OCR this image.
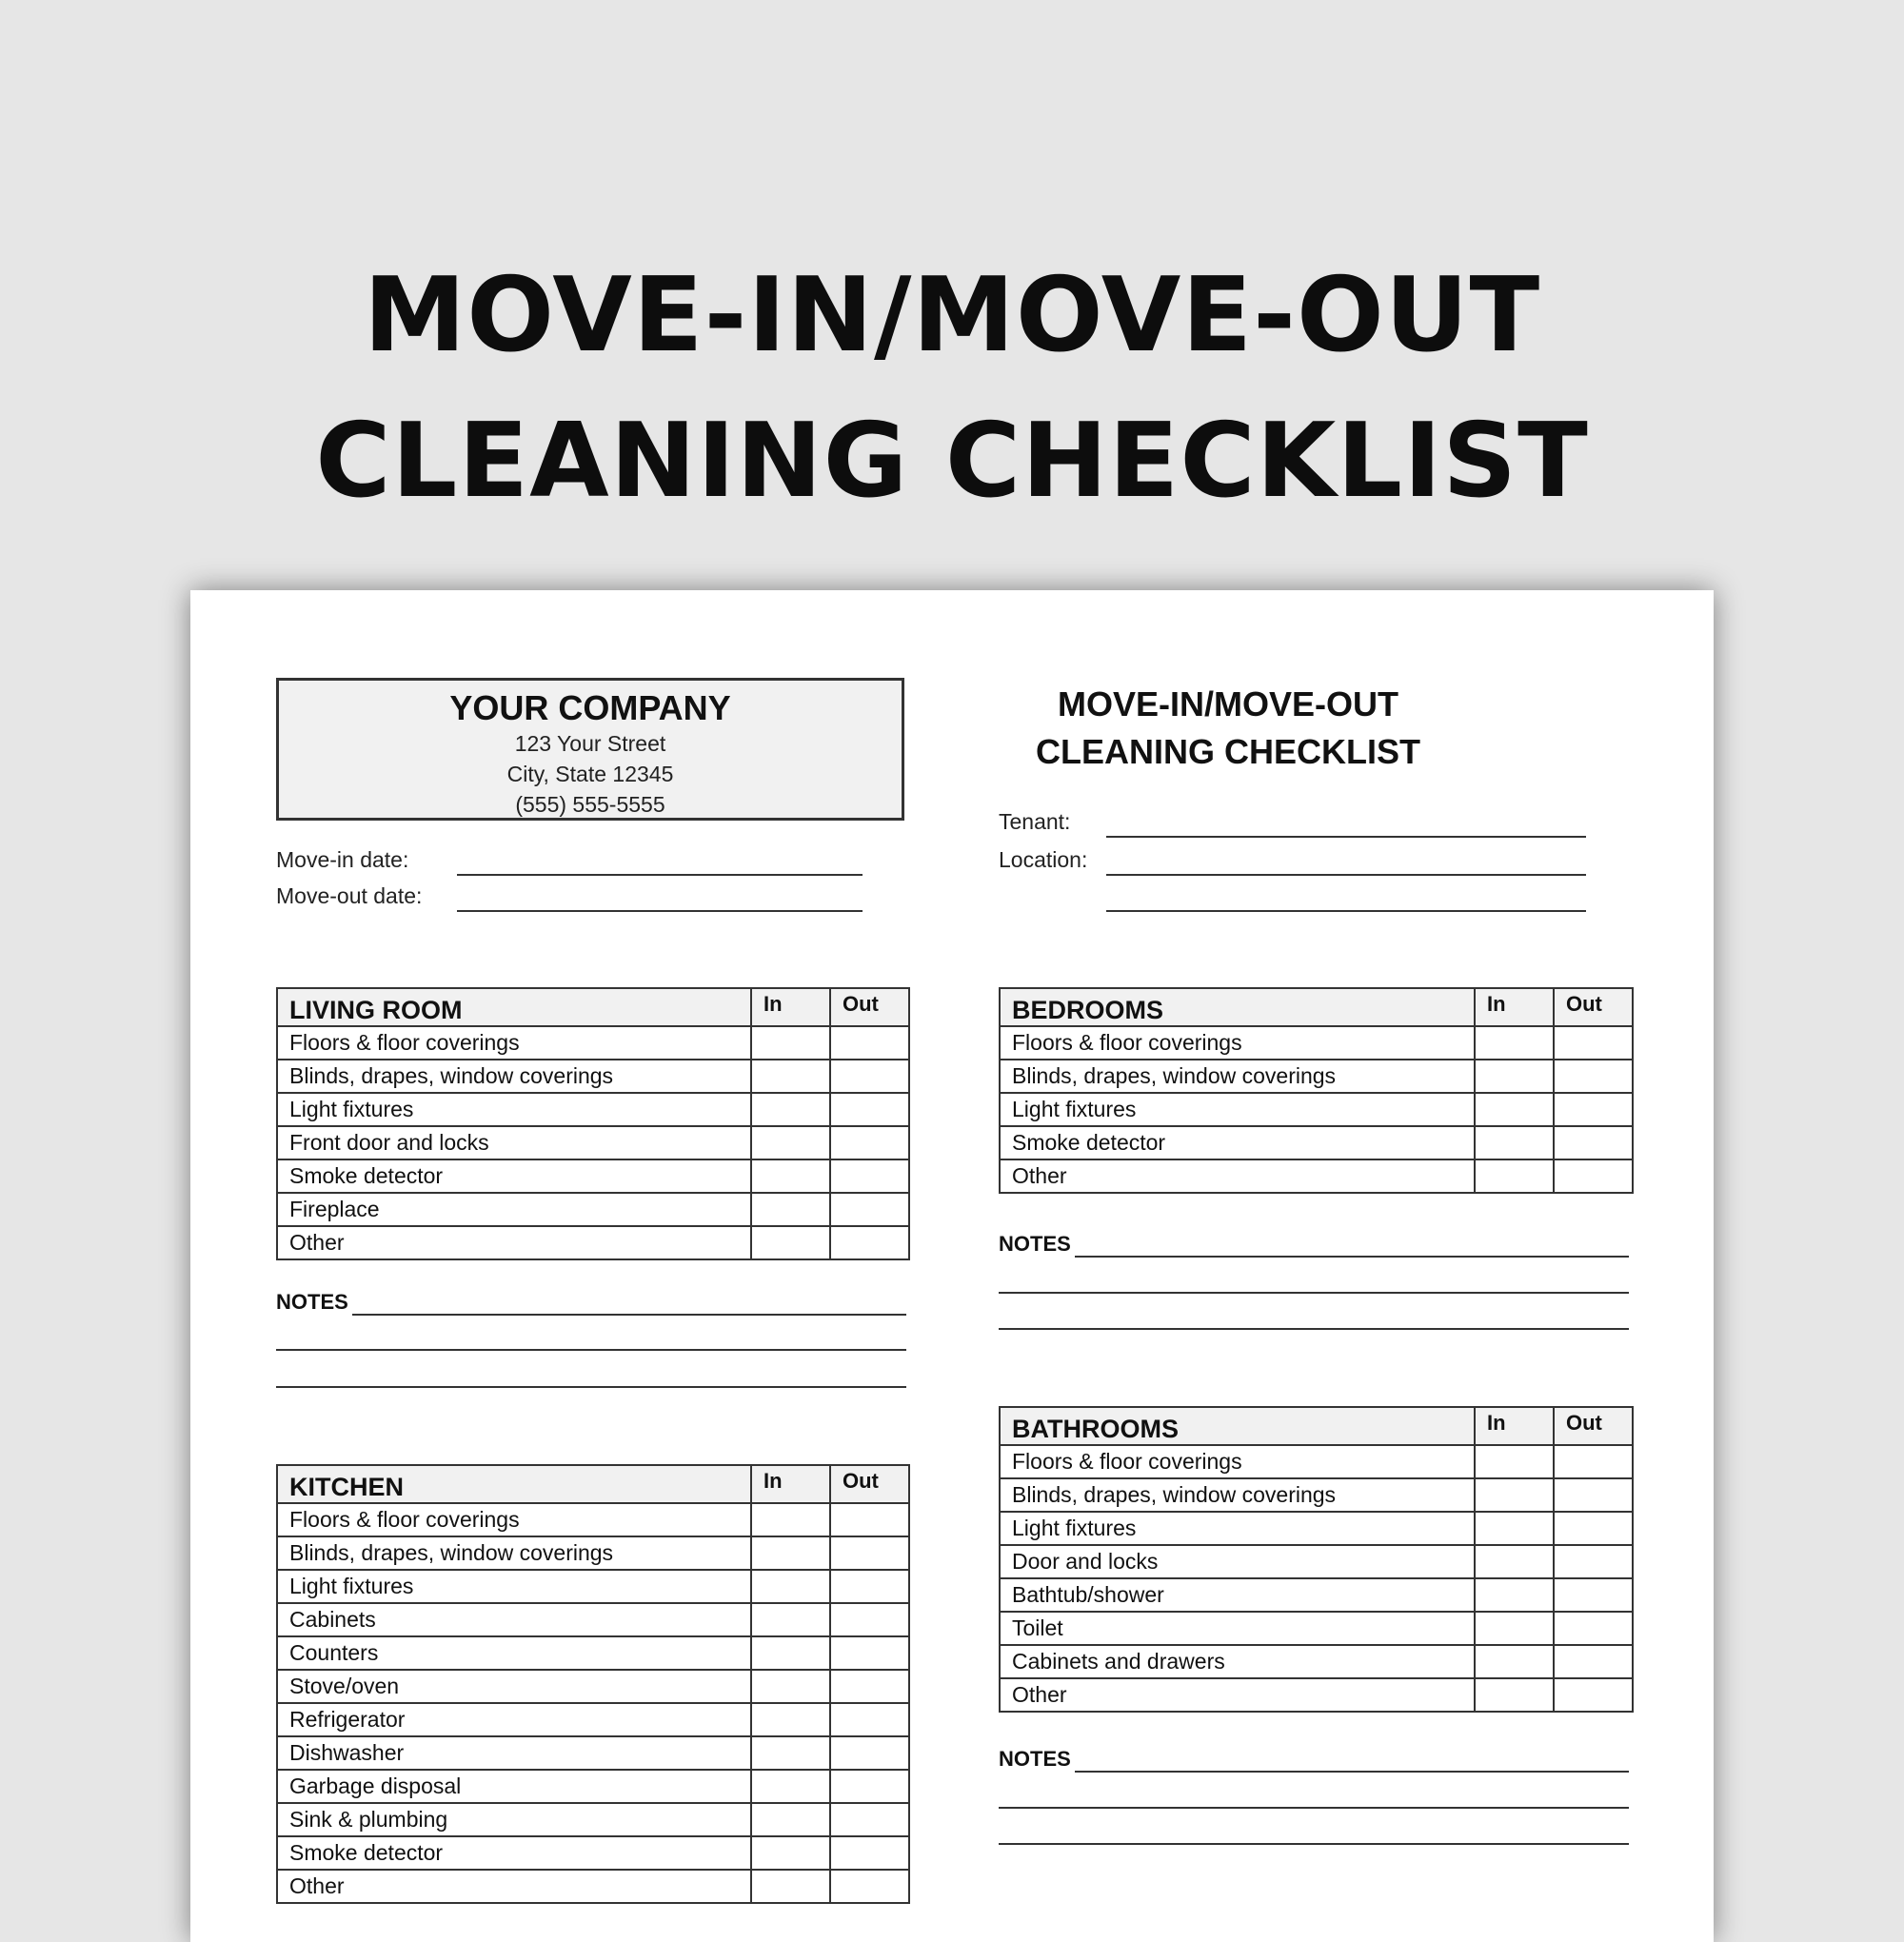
MOVE-IN/MOVE-OUT
CLEANING CHECKLIST
YOUR COMPANY
123 Your Street
City, State 12345
(555) 555-5555
MOVE-IN/MOVE-OUT
CLEANING CHECKLIST
Move-in date:
Move-out date:
Tenant:
Location:
LIVING ROOM	In	Out
Floors & floor coverings		
Blinds, drapes, window coverings		
Light fixtures		
Front door and locks		
Smoke detector		
Fireplace		
Other		
NOTES
KITCHEN	In	Out
Floors & floor coverings		
Blinds, drapes, window coverings		
Light fixtures		
Cabinets		
Counters		
Stove/oven		
Refrigerator		
Dishwasher		
Garbage disposal		
Sink & plumbing		
Smoke detector		
Other		
BEDROOMS	In	Out
Floors & floor coverings		
Blinds, drapes, window coverings		
Light fixtures		
Smoke detector		
Other		
NOTES
BATHROOMS	In	Out
Floors & floor coverings		
Blinds, drapes, window coverings		
Light fixtures		
Door and locks		
Bathtub/shower		
Toilet		
Cabinets and drawers		
Other		
NOTES
